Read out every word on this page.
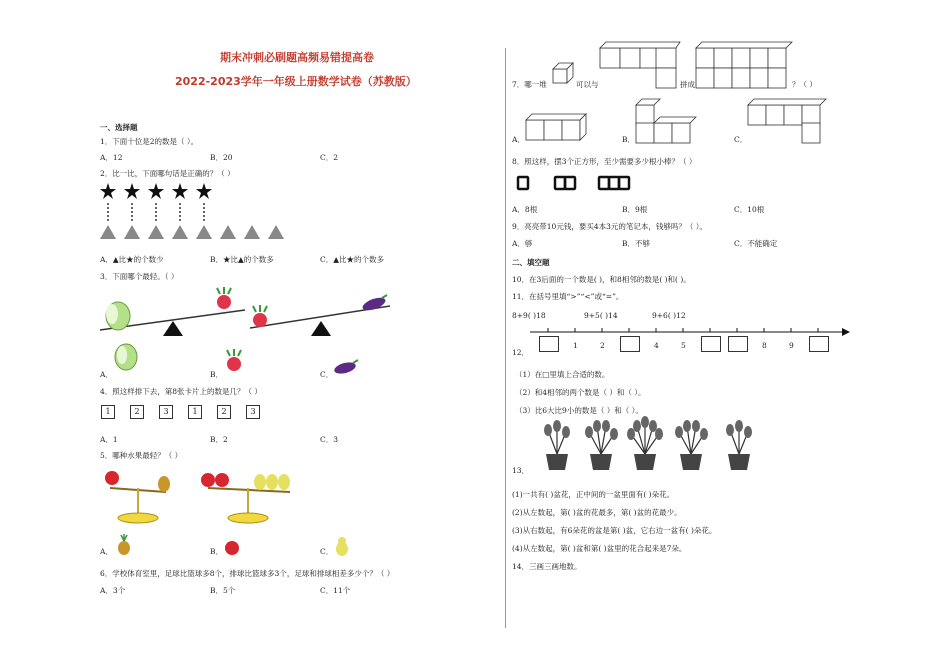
期末冲刺必刷题高频易错提高卷
2022-2023学年一年级上册数学试卷（苏教版）
一、选择题
1．下面十位是2的数是（ ）。
A．12	B．20	C．2
2．比一比，下面哪句话是正确的？（ ）
A．▲比★的个数少	B．★比▲的个数多	C．▲比★的个数多
3．下面哪个最轻。（ ）
A．	B．	C．
4．照这样排下去，第8张卡片上的数是几？（ ）
1	2	3	1	2	3
A．1	B．2	C．3
5．哪种水果最轻？（ ）
A．	B．	C．
6．学校体育室里，足球比篮球多8个，排球比篮球多3个，足球和排球相差多少个？（ ）
A．3个	B．5个	C．11个
7．哪一堆	可以与	拼成	？（ ）
A．	B．	C．
8．照这样，摆3个正方形，至少需要多少根小棒？（ ）
A．8根	B．9根	C．10根
9．亮亮带10元钱，要买4本3元的笔记本，钱够吗？（ ）。
A．够	B．不够	C．不能确定
二、填空题
10．在3后面的一个数是( )，和8相邻的数是( )和( )。
11．在括号里填“>”“<”或“=”。
8+9( )18	9+5( )14	9+6( )12
12．
1	2	4	5	8	9
（1）在□里填上合适的数。
（2）和4相邻的两个数是（ ）和（ ）。
（3）比6大比9小的数是（ ）和（ ）。
13．
(1)一共有( )盆花，正中间的一盆里面有( )朵花。
(2)从左数起，第( )盆的花最多，第( )盆的花最少。
(3)从右数起，有6朵花的盆是第( )盆，它右边一盆有( )朵花。
(4)从左数起，第( )盆和第( )盆里的花合起来是7朵。
14．三画三画地数。
